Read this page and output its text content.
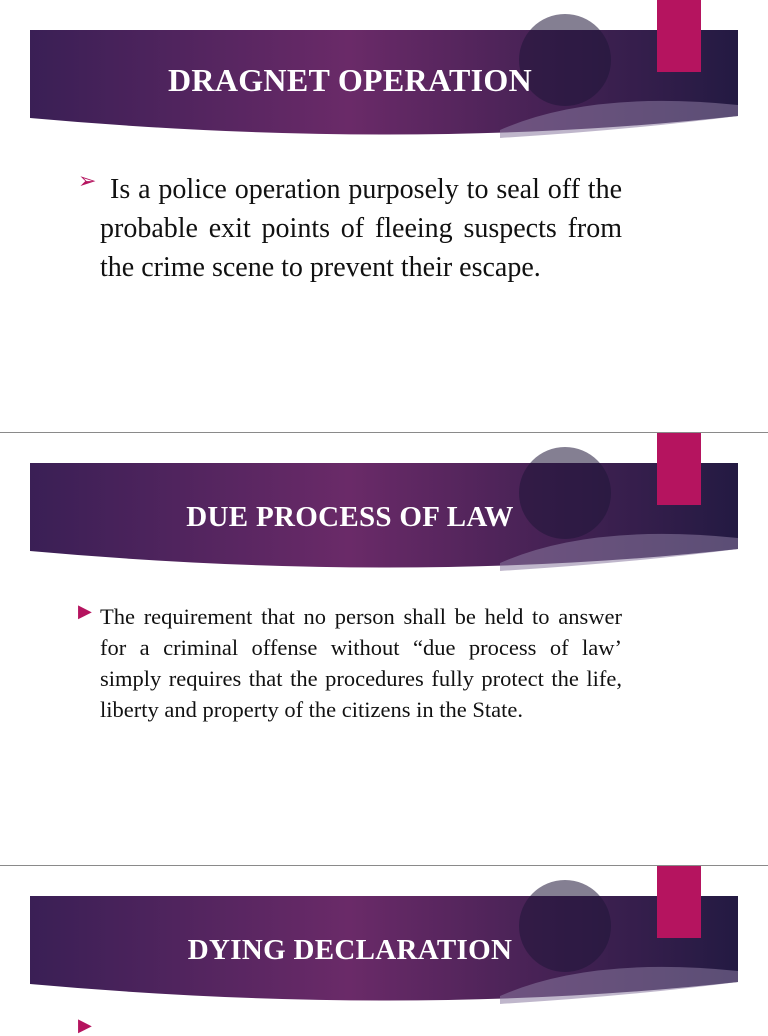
DRAGNET OPERATION
➢ Is a police operation purposely to seal off the probable exit points of fleeing suspects from the crime scene to prevent their escape.

DUE PROCESS OF LAW
▶ The requirement that no person shall be held to answer for a criminal offense without “due process of law’ simply requires that the procedures fully protect the life, liberty and property of the citizens in the State.

DYING DECLARATION
▶
